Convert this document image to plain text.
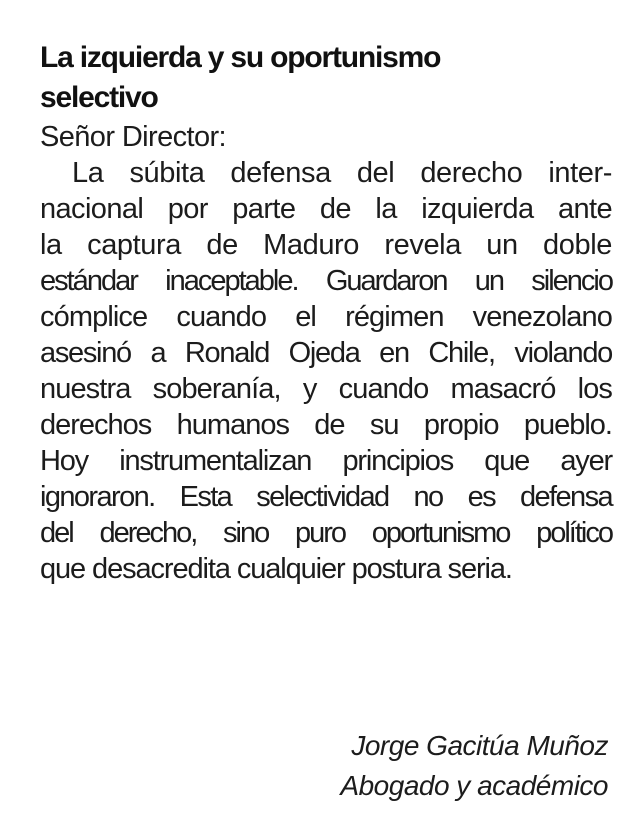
La izquierda y su oportunismo
selectivo

Señor Director:

La súbita defensa del derecho inter-
nacional por parte de la izquierda ante
la captura de Maduro revela un doble
estándar inaceptable. Guardaron un silencio
cómplice cuando el régimen venezolano
asesinó a Ronald Ojeda en Chile, violando
nuestra soberanía, y cuando masacró los
derechos humanos de su propio pueblo.
Hoy instrumentalizan principios que ayer
ignoraron. Esta selectividad no es defensa
del derecho, sino puro oportunismo político
que desacredita cualquier postura seria.
Jorge Gacitúa Muñoz
Abogado y académico
